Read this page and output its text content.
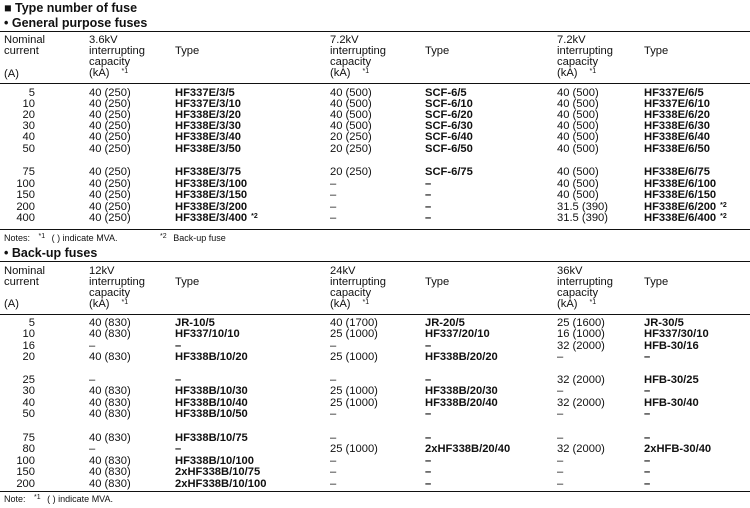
■ Type number of fuse
• General purpose fuses
Nominal
current
(A)
3.6kV
interrupting
capacity
(kA) $^{*1}$
Type
7.2kV
interrupting
capacity
(kA) $^{*1}$
Type
7.2kV
interrupting
capacity
(kA) $^{*1}$
Type
5	40 (250)	HF337E/3/5	40 (500)	SCF-6/5	40 (500)	HF337E/6/5
10	40 (250)	HF337E/3/10	40 (500)	SCF-6/10	40 (500)	HF337E/6/10
20	40 (250)	HF338E/3/20	40 (500)	SCF-6/20	40 (500)	HF338E/6/20
30	40 (250)	HF338E/3/30	40 (500)	SCF-6/30	40 (500)	HF338E/6/30
40	40 (250)	HF338E/3/40	20 (250)	SCF-6/40	40 (500)	HF338E/6/40
50	40 (250)	HF338E/3/50	20 (250)	SCF-6/50	40 (500)	HF338E/6/50
75	40 (250)	HF338E/3/75	20 (250)	SCF-6/75	40 (500)	HF338E/6/75
100	40 (250)	HF338E/3/100	–	–	40 (500)	HF338E/6/100
150	40 (250)	HF338E/3/150	–	–	40 (500)	HF338E/6/150
200	40 (250)	HF338E/3/200	–	–	31.5 (390)	HF338E/6/200 $^{*2}$
400	40 (250)	HF338E/3/400 $^{*2}$	–	–	31.5 (390)	HF338E/6/400 $^{*2}$
Notes: $^{*1}$ ( ) indicate MVA.	$^{*2}$ Back-up fuse
• Back-up fuses
Nominal
current
(A)
12kV
interrupting
capacity
(kA) $^{*1}$
Type
24kV
interrupting
capacity
(kA) $^{*1}$
Type
36kV
interrupting
capacity
(kA) $^{*1}$
Type
5	40 (830)	JR-10/5	40 (1700)	JR-20/5	25 (1600)	JR-30/5
10	40 (830)	HF337/10/10	25 (1000)	HF337/20/10	16 (1000)	HF337/30/10
16	–	–	–	–	32 (2000)	HFB-30/16
20	40 (830)	HF338B/10/20	25 (1000)	HF338B/20/20	–	–
25	–	–	–	–	32 (2000)	HFB-30/25
30	40 (830)	HF338B/10/30	25 (1000)	HF338B/20/30	–	–
40	40 (830)	HF338B/10/40	25 (1000)	HF338B/20/40	32 (2000)	HFB-30/40
50	40 (830)	HF338B/10/50	–	–	–	–
75	40 (830)	HF338B/10/75	–	–	–	–
80	–	–	25 (1000)	2xHF338B/20/40	32 (2000)	2xHFB-30/40
100	40 (830)	HF338B/10/100	–	–	–	–
150	40 (830)	2xHF338B/10/75	–	–	–	–
200	40 (830)	2xHF338B/10/100	–	–	–	–
Note: $^{*1}$ ( ) indicate MVA.
